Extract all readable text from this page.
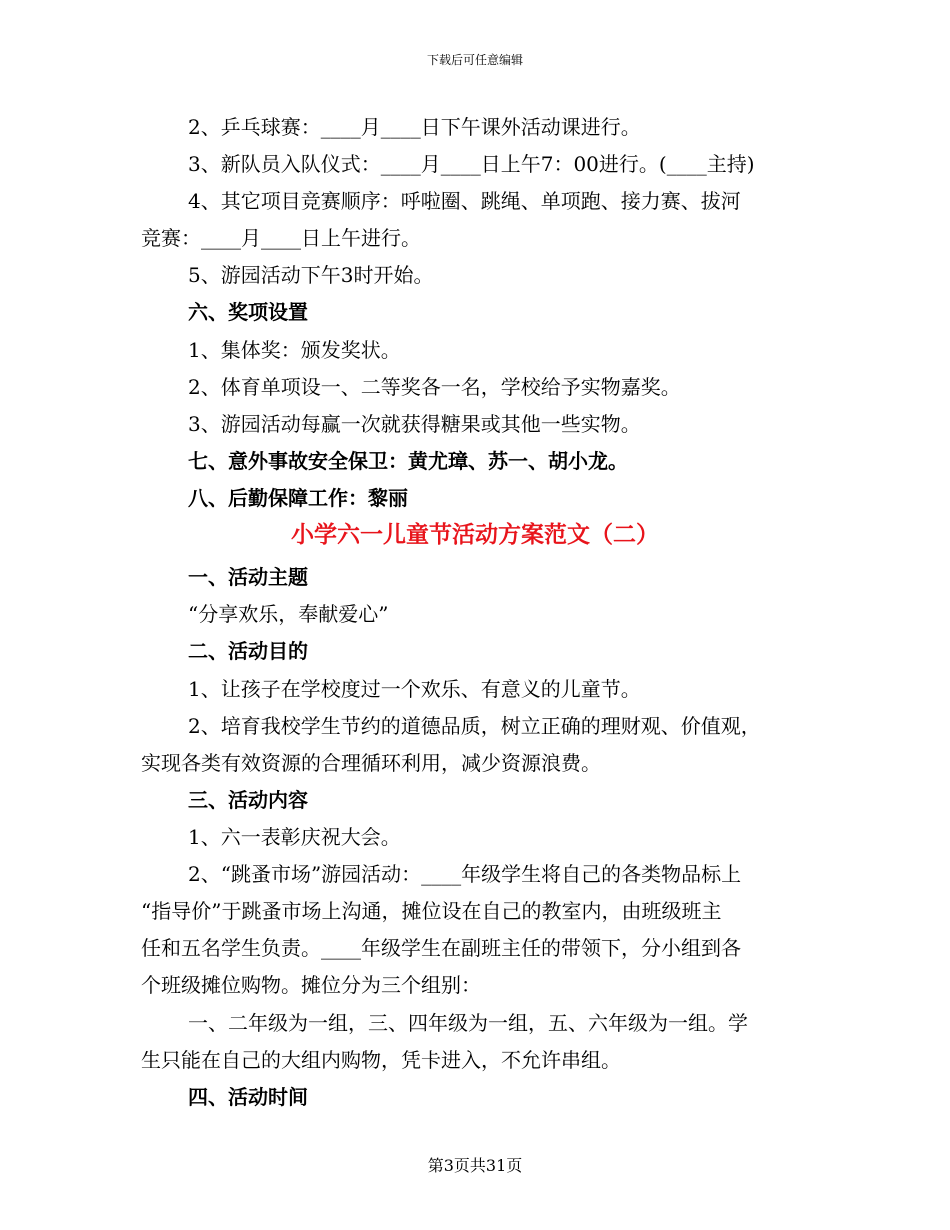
下载后可任意编辑
2、乒乓球赛：____月____日下午课外活动课进行。
3、新队员入队仪式：____月____日上午7：00进行。(____主持)
4、其它项目竞赛顺序：呼啦圈、跳绳、单项跑、接力赛、拔河
竞赛：____月____日上午进行。
5、游园活动下午3时开始。
六、奖项设置
1、集体奖：颁发奖状。
2、体育单项设一、二等奖各一名，学校给予实物嘉奖。
3、游园活动每赢一次就获得糖果或其他一些实物。
七、意外事故安全保卫：黄尤璋、苏一、胡小龙。
八、后勤保障工作：黎丽
小学六一儿童节活动方案范文（二）
一、活动主题
“分享欢乐，奉献爱心”
二、活动目的
1、让孩子在学校度过一个欢乐、有意义的儿童节。
2、培育我校学生节约的道德品质，树立正确的理财观、价值观，
实现各类有效资源的合理循环利用，减少资源浪费。
三、活动内容
1、六一表彰庆祝大会。
2、“跳蚤市场”游园活动：____年级学生将自己的各类物品标上
“指导价”于跳蚤市场上沟通，摊位设在自己的教室内，由班级班主
任和五名学生负责。____年级学生在副班主任的带领下，分小组到各
个班级摊位购物。摊位分为三个组别：
一、二年级为一组，三、四年级为一组，五、六年级为一组。学
生只能在自己的大组内购物，凭卡进入，不允许串组。
四、活动时间
第3页共31页
